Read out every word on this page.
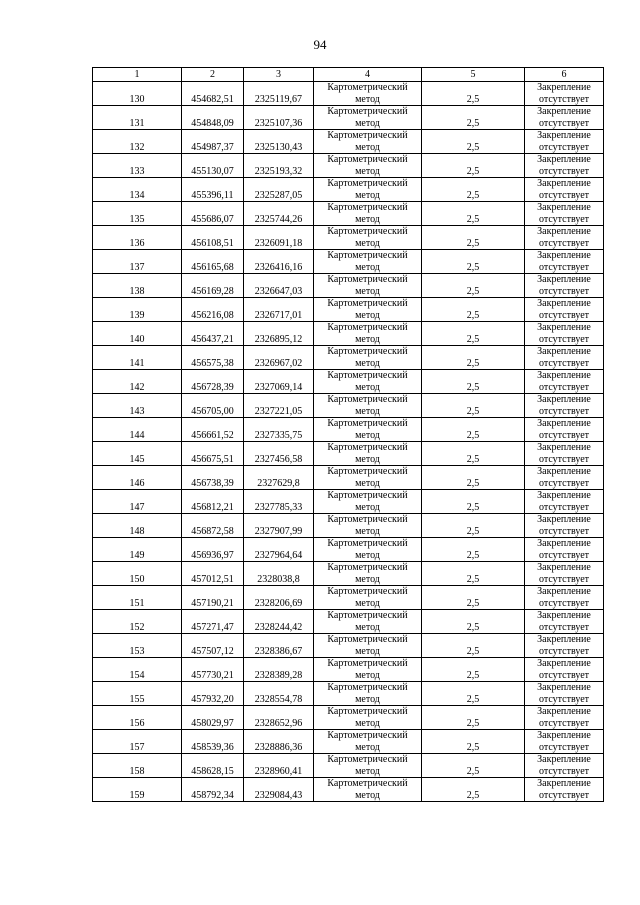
94
1	2	3	4	5	6
130	454682,51	2325119,67	Картометрический метод	2,5	Закрепление отсутствует
131	454848,09	2325107,36	Картометрический метод	2,5	Закрепление отсутствует
132	454987,37	2325130,43	Картометрический метод	2,5	Закрепление отсутствует
133	455130,07	2325193,32	Картометрический метод	2,5	Закрепление отсутствует
134	455396,11	2325287,05	Картометрический метод	2,5	Закрепление отсутствует
135	455686,07	2325744,26	Картометрический метод	2,5	Закрепление отсутствует
136	456108,51	2326091,18	Картометрический метод	2,5	Закрепление отсутствует
137	456165,68	2326416,16	Картометрический метод	2,5	Закрепление отсутствует
138	456169,28	2326647,03	Картометрический метод	2,5	Закрепление отсутствует
139	456216,08	2326717,01	Картометрический метод	2,5	Закрепление отсутствует
140	456437,21	2326895,12	Картометрический метод	2,5	Закрепление отсутствует
141	456575,38	2326967,02	Картометрический метод	2,5	Закрепление отсутствует
142	456728,39	2327069,14	Картометрический метод	2,5	Закрепление отсутствует
143	456705,00	2327221,05	Картометрический метод	2,5	Закрепление отсутствует
144	456661,52	2327335,75	Картометрический метод	2,5	Закрепление отсутствует
145	456675,51	2327456,58	Картометрический метод	2,5	Закрепление отсутствует
146	456738,39	2327629,8	Картометрический метод	2,5	Закрепление отсутствует
147	456812,21	2327785,33	Картометрический метод	2,5	Закрепление отсутствует
148	456872,58	2327907,99	Картометрический метод	2,5	Закрепление отсутствует
149	456936,97	2327964,64	Картометрический метод	2,5	Закрепление отсутствует
150	457012,51	2328038,8	Картометрический метод	2,5	Закрепление отсутствует
151	457190,21	2328206,69	Картометрический метод	2,5	Закрепление отсутствует
152	457271,47	2328244,42	Картометрический метод	2,5	Закрепление отсутствует
153	457507,12	2328386,67	Картометрический метод	2,5	Закрепление отсутствует
154	457730,21	2328389,28	Картометрический метод	2,5	Закрепление отсутствует
155	457932,20	2328554,78	Картометрический метод	2,5	Закрепление отсутствует
156	458029,97	2328652,96	Картометрический метод	2,5	Закрепление отсутствует
157	458539,36	2328886,36	Картометрический метод	2,5	Закрепление отсутствует
158	458628,15	2328960,41	Картометрический метод	2,5	Закрепление отсутствует
159	458792,34	2329084,43	Картометрический метод	2,5	Закрепление отсутствует
